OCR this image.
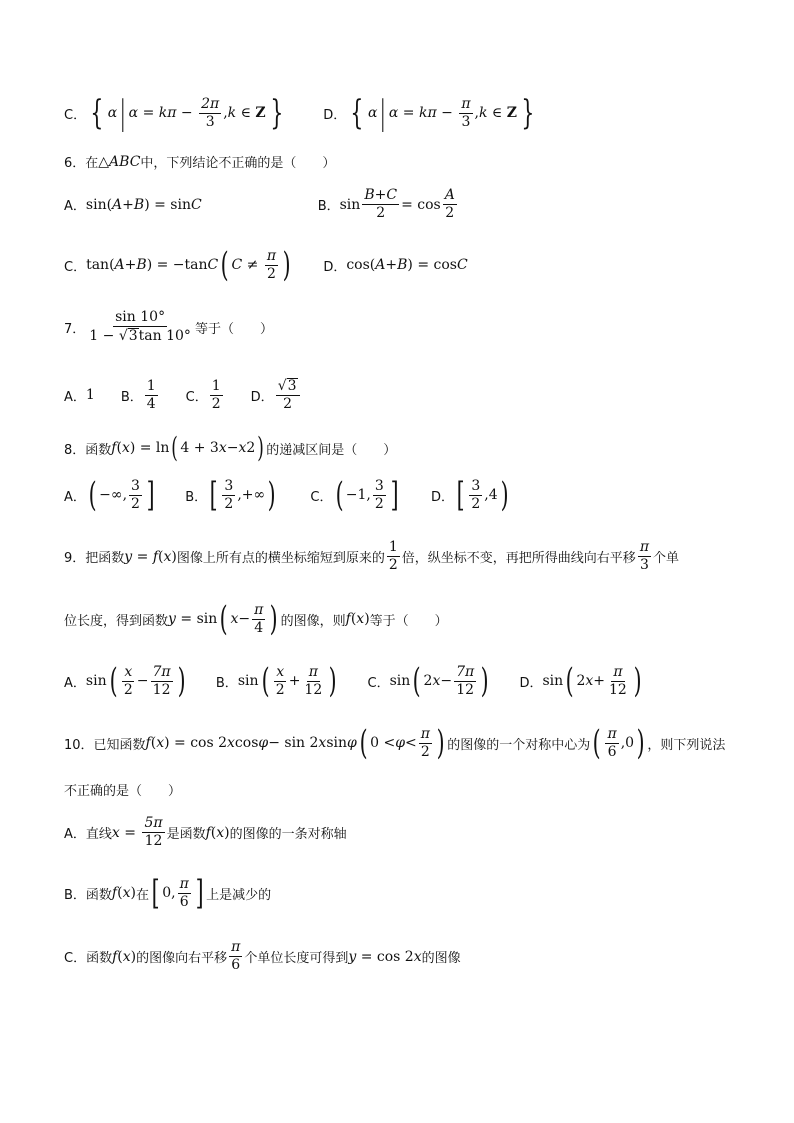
C． { α | $\alpha = k\pi - \frac{2\pi}{3}$ , k ∈ Z }	D． { α | $\alpha = k\pi - \frac{\pi}{3}$ , k ∈ Z }
6．在 △ABC 中，下列结论不正确的是（　　）
A． sin(A+B) = sinC	B． $\sin \frac{B+C}{2} = \cos \frac{A}{2}$
C． tan(A+B) = −tanC ( $C \ne \frac{\pi}{2}$ )	D． cos(A+B) = cosC
7． $\frac{\sin 10^\circ}{1 - √ 3 \tan 10^\circ}$ 等于（　　）
A． 1 B． $\frac{1}{4}$ C． $\frac{1}{2}$ D． $\frac{√ 3}{2}$
8．函数 f ( x ) = ln ( 4 + 3 x − x 2 ) 的递减区间是（　　）
A． ( −∞, $\frac{3}{2}$ ] B． [ $\frac{3}{2}$ ,+∞ )	C． ( −1, $\frac{3}{2}$ ]	D． [ $\frac{3}{2} ,4$ )
9．把函数 y = f(x) 图像上所有点的横坐标缩短到原来的 $\frac{1}{2}$ 倍，纵坐标不变，再把所得曲线向右平移 $\frac{\pi}{3}$ 个单
位长度，得到函数 y = sin ( $x - \frac{\pi}{4}$ ) 的图像，则 f(x) 等于（　　）
A． sin ( $\frac{x}{2} - \frac{7\pi}{12}$ ) B． sin ( $\frac{x}{2} + \frac{\pi}{12}$ ) C． sin ( 2 $x - \frac{7\pi}{12}$ ) D． sin ( 2 $x + \frac{\pi}{12}$ )
10．已知函数 f ( x ) = cos 2 x cos φ − sin 2 x sin φ ( $0 < \varphi < \frac{\pi}{2}$ ) 的图像的一个对称中心为 ( $\frac{\pi}{6} ,0$ ) ，则下列说法
不正确的是（　　）
A．直线 $x = \frac{5\pi}{12}$ 是函数 f(x) 的图像的一条对称轴
B．函数 f(x) 在 [ 0, $\frac{\pi}{6}$ ] 上是减少的
C．函数 f(x) 的图像向右平移 $\frac{\pi}{6}$ 个单位长度可得到 y = cos 2x 的图像
